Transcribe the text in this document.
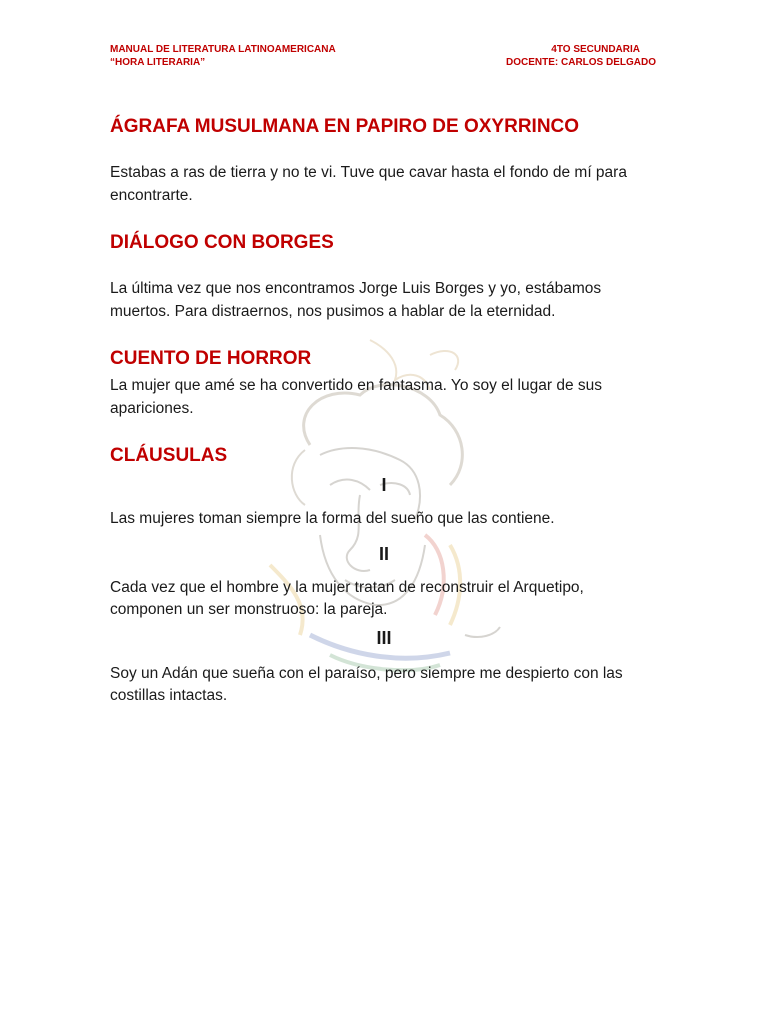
MANUAL DE LITERATURA LATINOAMERICANA	4TO SECUNDARIA
“HORA LITERARIA”	DOCENTE: CARLOS DELGADO
ÁGRAFA MUSULMANA EN PAPIRO DE OXYRRINCO

Estabas a ras de tierra y no te vi. Tuve que cavar hasta el fondo de mí para encontrarte.

DIÁLOGO CON BORGES

La última vez que nos encontramos Jorge Luis Borges y yo, estábamos muertos. Para distraernos, nos pusimos a hablar de la eternidad.

CUENTO DE HORROR

La mujer que amé se ha convertido en fantasma. Yo soy el lugar de sus apariciones.

CLÁUSULAS
I

Las mujeres toman siempre la forma del sueño que las contiene.

II

Cada vez que el hombre y la mujer tratan de reconstruir el Arquetipo, componen un ser monstruoso: la pareja.

III

Soy un Adán que sueña con el paraíso, pero siempre me despierto con las costillas intactas.
